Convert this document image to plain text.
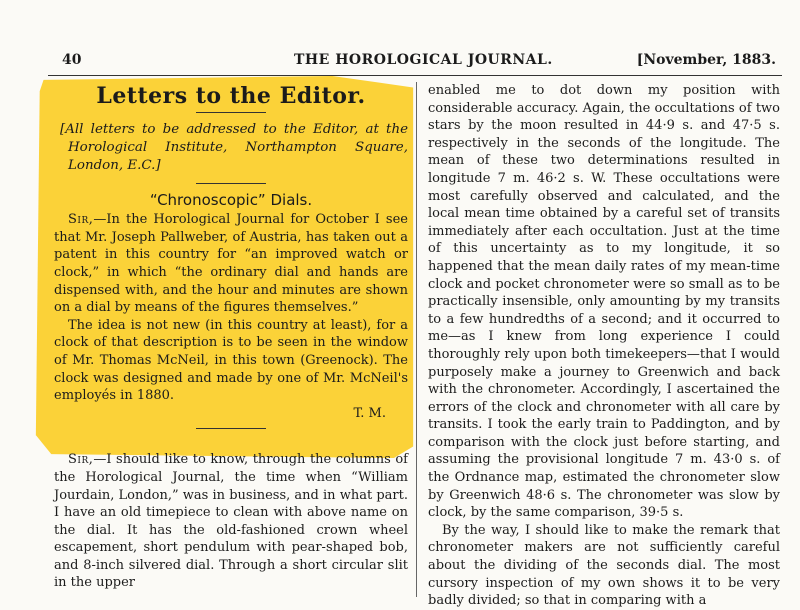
40	THE HOROLOGICAL JOURNAL.	[November, 1883.
Letters to the Editor.

[All letters to be addressed to the Editor, at the Horological Institute, Northampton Square, London, E.C.]

“Chronoscopic” Dials.

Sir,—In the Horological Journal for October I see that Mr. Joseph Pallweber, of Austria, has taken out a patent in this country for “an improved watch or clock,” in which “the ordinary dial and hands are dispensed with, and the hour and minutes are shown on a dial by means of the figures themselves.”

The idea is not new (in this country at least), for a clock of that description is to be seen in the window of Mr. Thomas McNeil, in this town (Greenock). The clock was designed and made by one of Mr. McNeil's employés in 1880.

T. M.

Sir,—I should like to know, through the columns of the Horological Journal, the time when “William Jourdain, London,” was in business, and in what part. I have an old timepiece to clean with above name on the dial. It has the old-fashioned crown wheel escapement, short pendulum with pear-shaped bob, and 8-inch silvered dial. Through a short circular slit in the upper

enabled me to dot down my position with considerable accuracy. Again, the occultations of two stars by the moon resulted in 44·9 s. and 47·5 s. respectively in the seconds of the longitude. The mean of these two determinations resulted in longitude 7 m. 46·2 s. W. These occultations were most carefully observed and calculated, and the local mean time obtained by a careful set of transits immediately after each occultation. Just at the time of this uncertainty as to my longitude, it so happened that the mean daily rates of my mean-time clock and pocket chronometer were so small as to be practically insensible, only amounting by my transits to a few hundredths of a second; and it occurred to me—as I knew from long experience I could thoroughly rely upon both timekeepers—that I would purposely make a journey to Greenwich and back with the chronometer. Accordingly, I ascertained the errors of the clock and chronometer with all care by transits. I took the early train to Paddington, and by comparison with the clock just before starting, and assuming the provisional longitude 7 m. 43·0 s. of the Ordnance map, estimated the chronometer slow by Greenwich 48·6 s. The chronometer was slow by clock, by the same comparison, 39·5 s.

By the way, I should like to make the remark that chronometer makers are not sufficiently careful about the dividing of the seconds dial. The most cursory inspection of my own shows it to be very badly divided; so that in comparing with a
